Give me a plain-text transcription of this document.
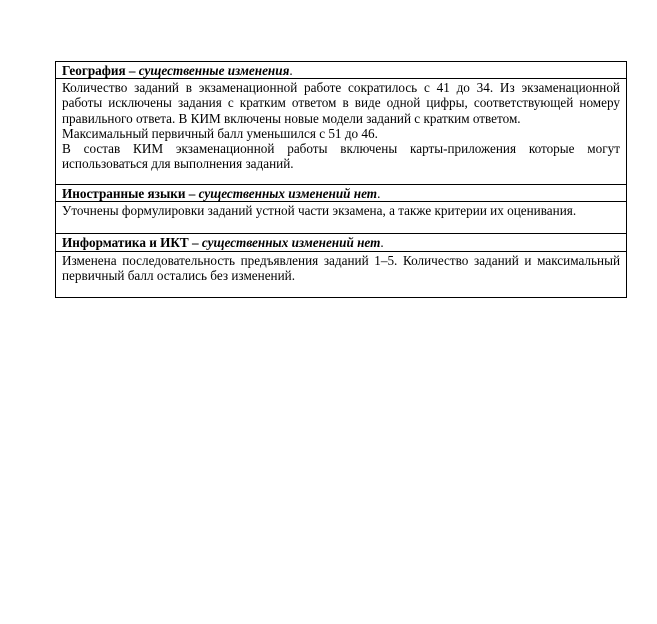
География – существенные изменения.

Количество заданий в экзаменационной работе сократилось с 41 до 34. Из экзаменационной работы исключены задания с кратким ответом в виде одной цифры, соответствующей номеру правильного ответа. В КИМ включены новые модели заданий с кратким ответом.

Максимальный первичный балл уменьшился с 51 до 46.

В состав КИМ экзаменационной работы включены карты-приложения которые могут использоваться для выполнения заданий.

Иностранные языки – существенных изменений нет.

Уточнены формулировки заданий устной части экзамена, а также критерии их оценивания.

Информатика и ИКТ – существенных изменений нет.

Изменена последовательность предъявления заданий 1–5. Количество заданий и максимальный первичный балл остались без изменений.
